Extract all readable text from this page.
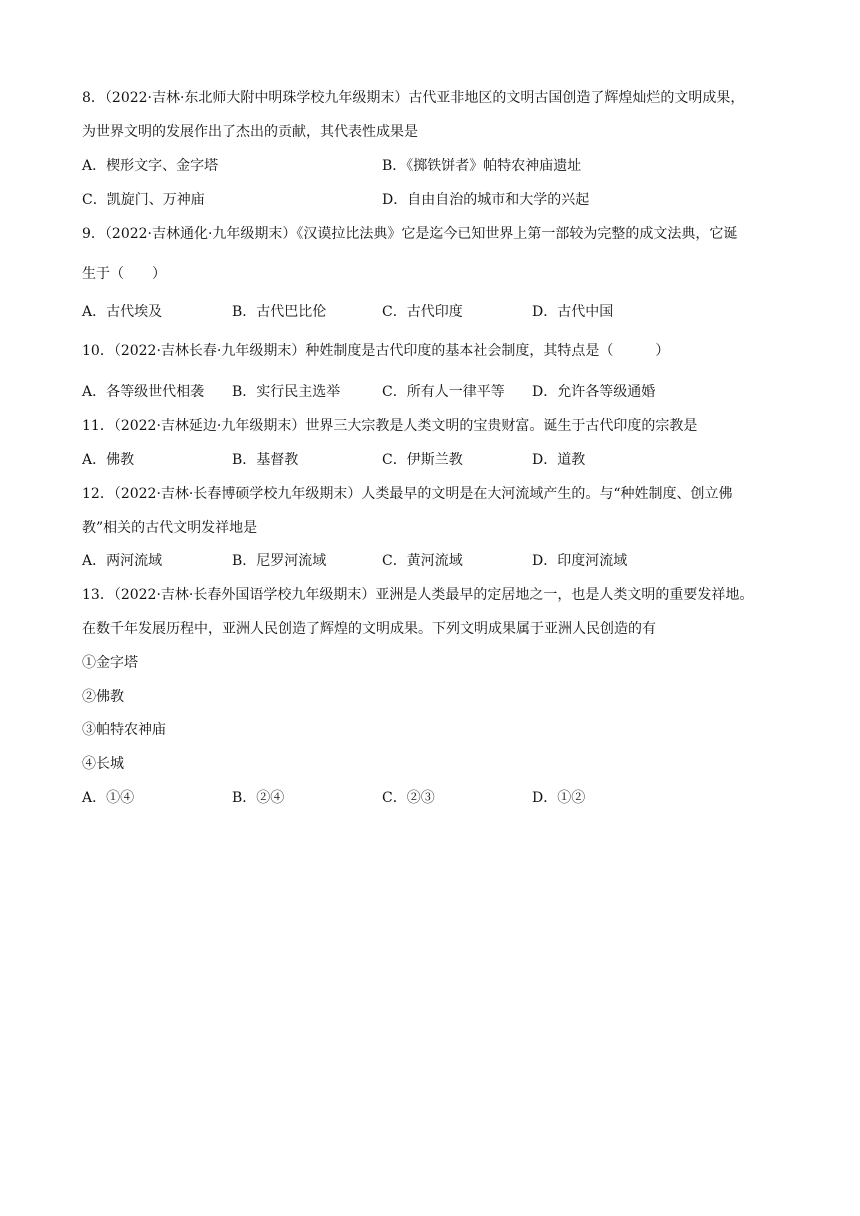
8．（2022·吉林·东北师大附中明珠学校九年级期末）古代亚非地区的文明古国创造了辉煌灿烂的文明成果，
为世界文明的发展作出了杰出的贡献，其代表性成果是
A．楔形文字、金字塔	B．《掷铁饼者》帕特农神庙遗址
C．凯旋门、万神庙	D．自由自治的城市和大学的兴起
9．（2022·吉林通化·九年级期末）《汉谟拉比法典》它是迄今已知世界上第一部较为完整的成文法典，它诞
生于（　　）
A．古代埃及	B．古代巴比伦	C．古代印度	D．古代中国
10．（2022·吉林长春·九年级期末）种姓制度是古代印度的基本社会制度，其特点是（　　　）
A．各等级世代相袭 B．实行民主选举	C．所有人一律平等 D．允许各等级通婚
11．（2022·吉林延边·九年级期末）世界三大宗教是人类文明的宝贵财富。诞生于古代印度的宗教是
A．佛教	B．基督教	C．伊斯兰教	D．道教
12．（2022·吉林·长春博硕学校九年级期末）人类最早的文明是在大河流域产生的。与“种姓制度、创立佛
教”相关的古代文明发祥地是
A．两河流域	B．尼罗河流域	C．黄河流域	D．印度河流域
13．（2022·吉林·长春外国语学校九年级期末）亚洲是人类最早的定居地之一，也是人类文明的重要发祥地。
在数千年发展历程中，亚洲人民创造了辉煌的文明成果。下列文明成果属于亚洲人民创造的有
①金字塔
②佛教
③帕特农神庙
④长城
A．①④	B．②④	C．②③	D．①②
